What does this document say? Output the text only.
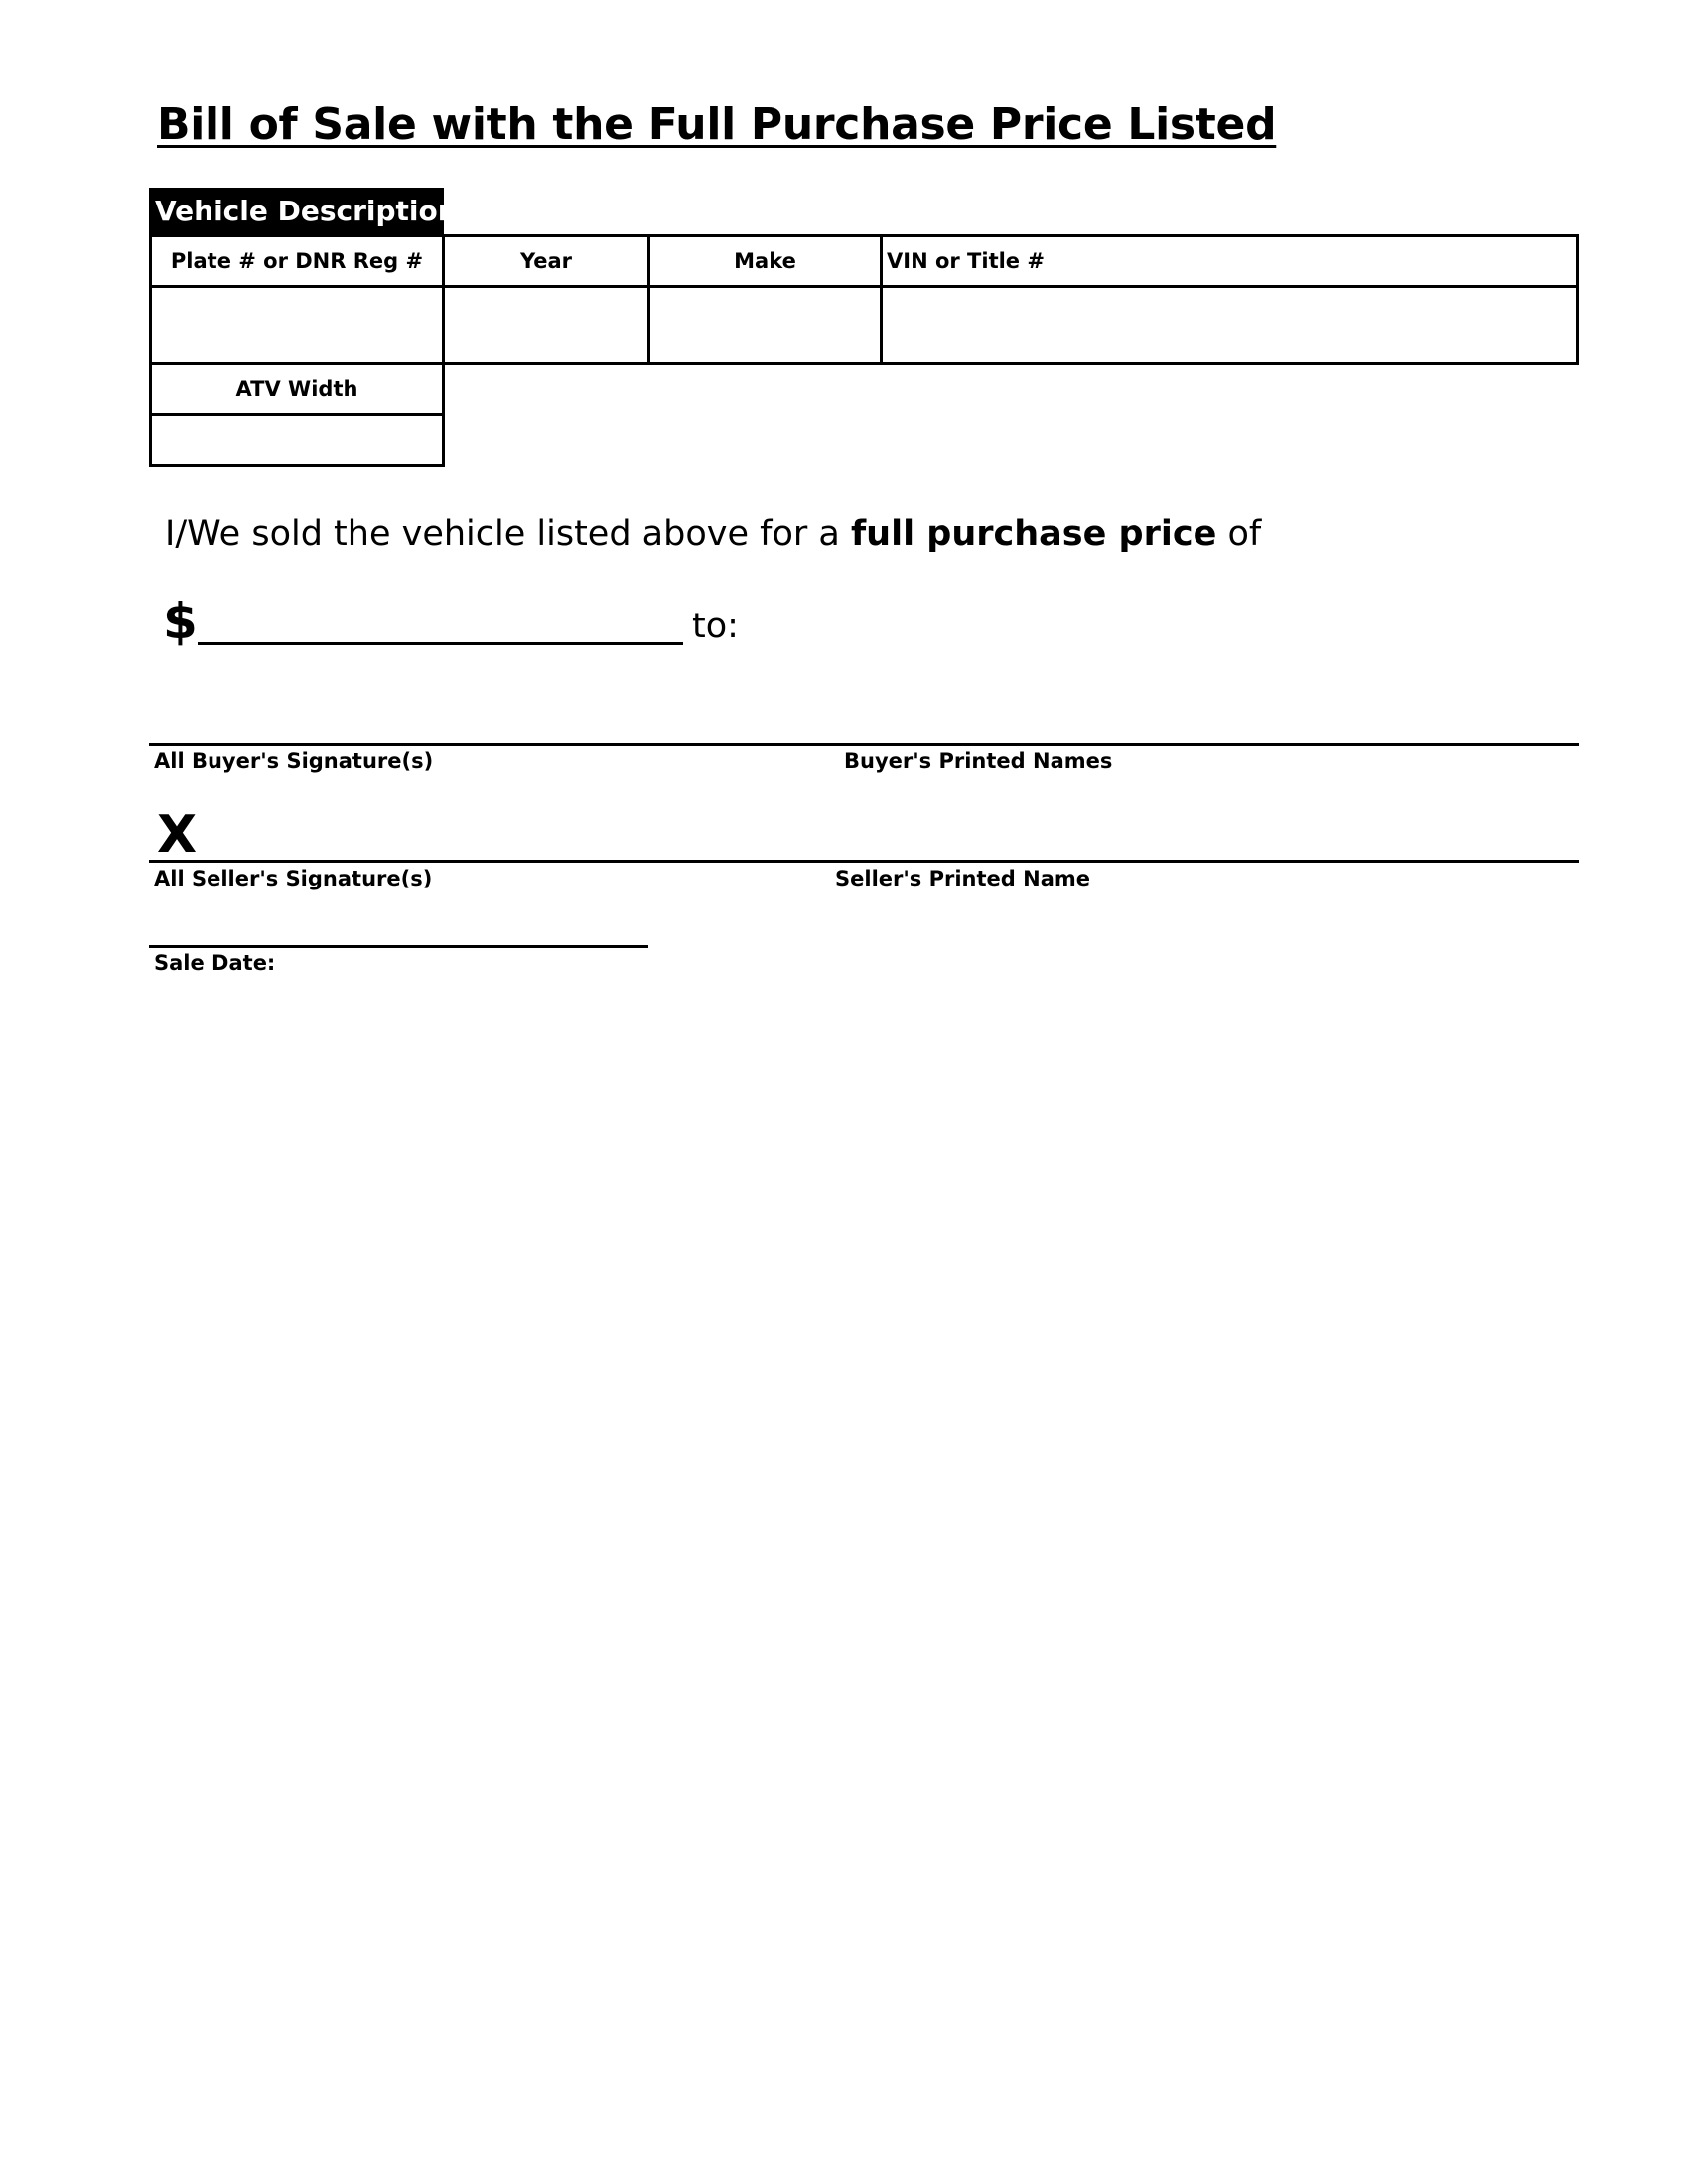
Bill of Sale with the Full Purchase Price Listed
Vehicle Description:
Plate # or DNR Reg #	Year	Make	VIN or Title #
ATV Width
I/We sold the vehicle listed above for a full purchase price of
$	to:
All Buyer's Signature(s)	Buyer's Printed Names
X
All Seller's Signature(s)	Seller's Printed Name
Sale Date:
